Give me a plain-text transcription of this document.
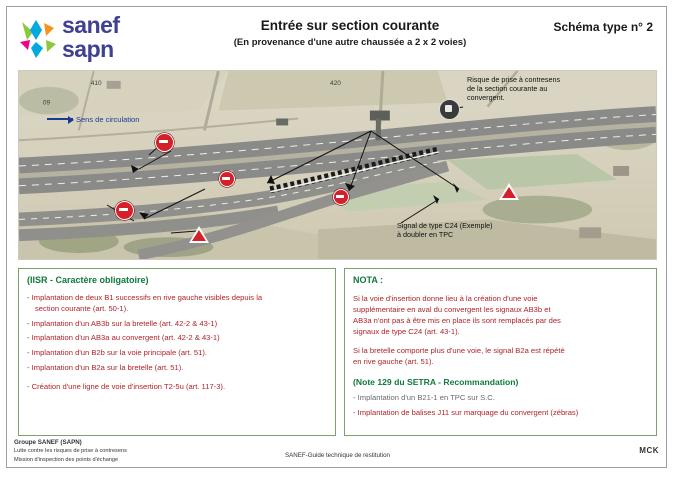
sanef
sapn
Entrée sur section courante
(En provenance d'une autre chaussée a 2 x 2 voies)
Schéma type n° 2
410
09
420
Sens de circulation
Risque de prise à contresens
de la section courante au
convergent.
Signal de type C24 (Exemple)
à doubler en TPC
(IISR - Caractère obligatoire)
- Implantation de deux B1 successifs en rive gauche visibles depuis la
section courante (art. 50-1).
- Implantation d'un AB3b sur la bretelle (art. 42-2 & 43-1)
- Implantation d'un AB3a au convergent (art. 42-2 & 43-1)
- Implantation d'un B2b sur la voie principale (art. 51).
- Implantation d'un B2a sur la bretelle (art. 51).
- Création d'une ligne de voie d'insertion T2-5u (art. 117-3).
NOTA :
Si la voie d'insertion donne lieu à la création d'une voie
supplémentaire en aval du convergent les signaux AB3b et
AB3a n'ont pas à être mis en place ils sont remplacés par des
signaux de type C24 (art. 43-1).
Si la bretelle comporte plus d'une voie, le signal B2a est répété
en rive gauche (art. 51).
(Note 129 du SETRA - Recommandation)
- Implantation d'un B21-1 en TPC sur S.C.
- Implantation de balises J11 sur marquage du convergent (zébras)
Groupe SANEF (SAPN)
Lutte contre les risques de prise à contresens
Mission d'inspection des points d'échange
SANEF-Guide technique de restitution
MCK
